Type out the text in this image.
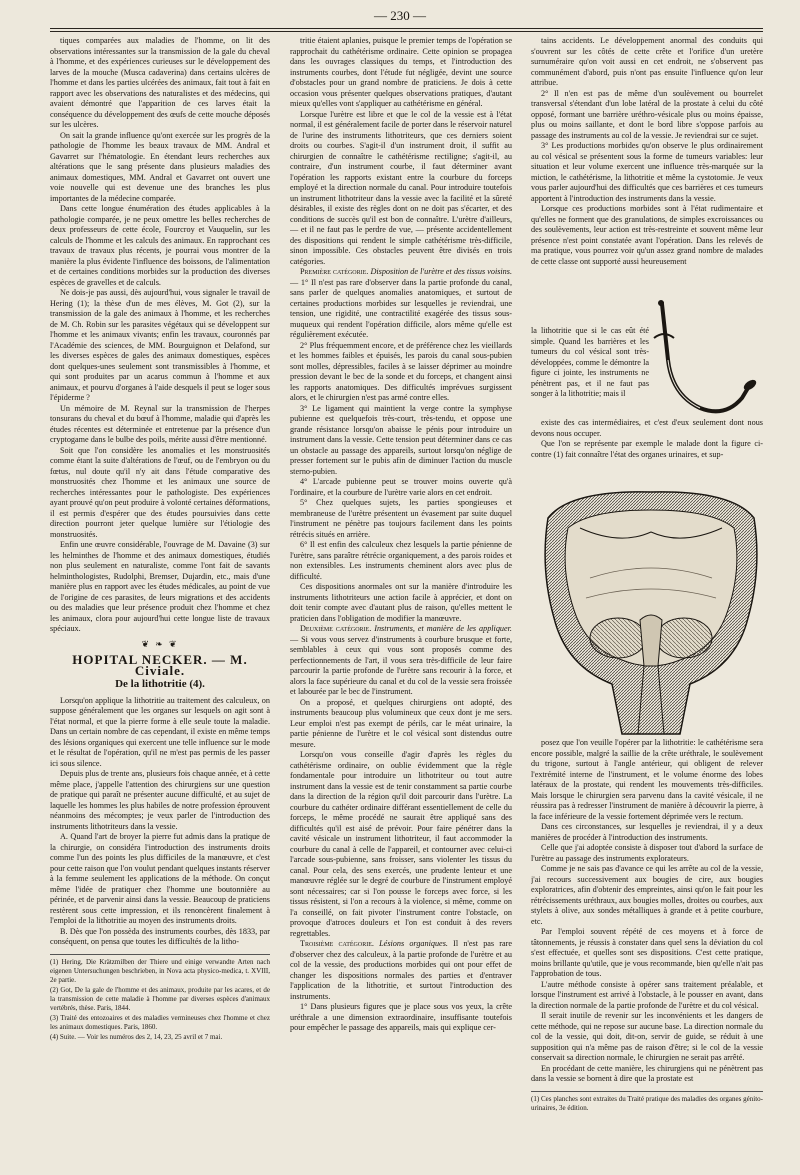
— 230 —

tiques comparées aux maladies de l'homme, on lit des observations intéressantes sur la transmission de la gale du cheval à l'homme, et des expériences curieuses sur le développement des larves de la mouche (Musca cadaverina) dans certains ulcères de l'homme et dans les parties ulcérées des animaux, fait tout à fait en rapport avec les observations des naturalistes et des médecins, qui avaient démontré que l'apparition de ces larves était la conséquence du développement des œufs de cette mouche déposés sur les ulcères.

On sait la grande influence qu'ont exercée sur les progrès de la pathologie de l'homme les beaux travaux de MM. Andral et Gavarret sur l'hématologie. En étendant leurs recherches aux altérations que le sang présente dans plusieurs maladies des animaux domestiques, MM. Andral et Gavarret ont ouvert une voie nouvelle qui est devenue une des branches les plus importantes de la médecine comparée.

Dans cette longue énumération des études applicables à la pathologie comparée, je ne peux omettre les belles recherches de deux professeurs de cette école, Fourcroy et Vauquelin, sur les calculs de l'homme et les calculs des animaux. En rapprochant ces travaux de travaux plus récents, je pourrai vous montrer de la manière la plus évidente l'influence des boissons, de l'alimentation et de certaines conditions morbides sur la production des diverses espèces de gravelles et de calculs.

Ne dois-je pas aussi, dès aujourd'hui, vous signaler le travail de Hering (1); la thèse d'un de mes élèves, M. Got (2), sur la transmission de la gale des animaux à l'homme, et les recherches de M. Ch. Robin sur les parasites végétaux qui se développent sur l'homme et les animaux vivants; enfin les travaux, couronnés par l'Académie des sciences, de MM. Bourguignon et Delafond, sur les diverses espèces de gales des animaux domestiques, espèces dont quelques-unes seulement sont transmissibles à l'homme, et qui sont produites par un acarus commun à l'homme et aux animaux, et pourvu d'organes à l'aide desquels il peut se loger sous l'épiderme ?

Un mémoire de M. Reynal sur la transmission de l'herpes tonsurans du cheval et du bœuf à l'homme, maladie qui d'après les études récentes est déterminée et entretenue par la présence d'un cryptogame dans le bulbe des poils, mérite aussi d'être mentionné.

Soit que l'on considère les anomalies et les monstruosités comme étant la suite d'altérations de l'œuf, ou de l'embryon ou du fœtus, nul doute qu'il n'y ait dans l'étude comparative des monstruosités chez l'homme et les animaux une source de recherches intéressantes pour le pathologiste. Des expériences ayant prouvé qu'on peut produire à volonté certaines déformations, il est permis d'espérer que des études poursuivies dans cette direction pourront jeter quelque lumière sur l'étiologie des monstruosités.

Enfin une œuvre considérable, l'ouvrage de M. Davaine (3) sur les helminthes de l'homme et des animaux domestiques, étudiés non plus seulement en naturaliste, comme l'ont fait de savants helminthologistes, Rudolphi, Bremser, Dujardin, etc., mais d'une manière plus en rapport avec les études médicales, au point de vue de l'origine de ces parasites, de leurs migrations et des accidents ou des maladies que leur présence produit chez l'homme et chez les animaux, clora pour aujourd'hui cette longue liste de travaux spéciaux.

❦ ❧ ❦
HOPITAL NECKER. — M. Civiale.
De la lithotritie (4).

Lorsqu'on applique la lithotritie au traitement des calculeux, on suppose généralement que les organes sur lesquels on agit sont à l'état normal, et que la pierre forme à elle seule toute la maladie. Dans un certain nombre de cas cependant, il existe en même temps des lésions organiques qui exercent une telle influence sur le mode et le résultat de l'opération, qu'il ne m'est pas permis de les passer ici sous silence.

Depuis plus de trente ans, plusieurs fois chaque année, et à cette même place, j'appelle l'attention des chirurgiens sur une question de pratique qui paraît ne présenter aucune difficulté, et au sujet de laquelle les hommes les plus habiles de notre profession éprouvent néanmoins des mécomptes; je veux parler de l'introduction des instruments lithotriteurs dans la vessie.

A. Quand l'art de broyer la pierre fut admis dans la pratique de la chirurgie, on considéra l'introduction des instruments droits comme l'un des points les plus difficiles de la manœuvre, et c'est pour cette raison que l'on voulut pendant quelques instants réserver à la femme seulement les applications de la méthode. On conçut même l'idée de pratiquer chez l'homme une boutonnière au périnée, et de parvenir ainsi dans la vessie. Beaucoup de praticiens restèrent sous cette impression, et ils renoncèrent finalement à l'emploi de la lithotritie au moyen des instruments droits.

B. Dès que l'on possèda des instruments courbes, dès 1833, par conséquent, on pensa que toutes les difficultés de la litho-

(1) Hering, Die Krätzmilben der Thiere und einige verwandte Arten nach eigenen Untersuchungen beschrieben, in Nova acta physico-medica, t. XVIII, 2e partie.
(2) Got, De la gale de l'homme et des animaux, produite par les acares, et de la transmission de cette maladie à l'homme par diverses espèces d'animaux vertébrés, thèse. Paris, 1844.
(3) Traité des entozoaires et des maladies vermineuses chez l'homme et chez les animaux domestiques. Paris, 1860.
(4) Suite. — Voir les numéros des 2, 14, 23, 25 avril et 7 mai.

tritie étaient aplanies, puisque le premier temps de l'opération se rapprochait du cathétérisme ordinaire. Cette opinion se propagea dans les ouvrages classiques du temps, et l'introduction des instruments courbes, dont l'étude fut négligée, devint une source d'obstacles pour un grand nombre de praticiens. Je dois à cette occasion vous présenter quelques observations pratiques, d'autant mieux qu'elles vont s'appliquer au cathétérisme en général.

Lorsque l'urètre est libre et que le col de la vessie est à l'état normal, il est généralement facile de porter dans le réservoir naturel de l'urine des instruments lithotriteurs, que ces derniers soient droits ou courbes. S'agit-il d'un instrument droit, il suffit au chirurgien de connaître le cathétérisme rectiligne; s'agit-il, au contraire, d'un instrument courbe, il faut déterminer avant l'opération les rapports existant entre la courbure du forceps employé et la direction normale du canal. Pour introduire toutefois un instrument lithotriteur dans la vessie avec la facilité et la sûreté désirables, il existe des règles dont on ne doit pas s'écarter, et des conditions de succès qu'il est bon de connaître. L'urètre d'ailleurs, — et il ne faut pas le perdre de vue, — présente accidentellement des dispositions qui rendent le simple cathétérisme très-difficile, sinon impossible. Ces obstacles peuvent être divisés en trois catégories.

Première catégorie. Disposition de l'urètre et des tissus voisins. — 1° Il n'est pas rare d'observer dans la partie profonde du canal, sans parler de quelques anomalies anatomiques, et surtout de certaines productions morbides sur lesquelles je reviendrai, une tension, une rigidité, une contractilité exagérée des tissus sous-muqueux qui rendent l'opération difficile, alors même qu'elle est régulièrement exécutée.

2° Plus fréquemment encore, et de préférence chez les vieillards et les hommes faibles et épuisés, les parois du canal sous-pubien sont molles, dépressibles, faciles à se laisser déprimer au moindre pression devant le bec de la sonde et du forceps, et changent ainsi les rapports anatomiques. Des difficultés imprévues surgissent alors, et le chirurgien n'est pas armé contre elles.

3° Le ligament qui maintient la verge contre la symphyse pubienne est quelquefois très-court, très-tendu, et oppose une grande résistance lorsqu'on abaisse le pénis pour introduire un instrument dans la vessie. Cette tension peut déterminer dans ce cas un obstacle au passage des appareils, surtout lorsqu'on néglige de presser fortement sur le pubis afin de diminuer l'action du muscle sterno-pubien.

4° L'arcade pubienne peut se trouver moins ouverte qu'à l'ordinaire, et la courbure de l'urètre varie alors en cet endroit.

5° Chez quelques sujets, les parties spongieuses et membraneuse de l'urètre présentent un évasement par suite duquel l'instrument ne pénètre pas toujours facilement dans les points rétrécis situés en arrière.

6° Il est enfin des calculeux chez lesquels la partie pénienne de l'urètre, sans paraître rétrécie organiquement, a des parois roides et non extensibles. Les instruments cheminent alors avec plus de difficulté.

Ces dispositions anormales ont sur la manière d'introduire les instruments lithotriteurs une action facile à apprécier, et dont on doit tenir compte avec d'autant plus de raison, qu'elles mettent le praticien dans l'obligation de modifier la manœuvre.

Deuxième catégorie. Instruments, et manière de les appliquer. — Si vous vous servez d'instruments à courbure brusque et forte, semblables à ceux qui vous sont proposés comme des perfectionnements de l'art, il vous sera très-difficile de leur faire parcourir la partie profonde de l'urètre sans recourir à la force, et alors la face supérieure du canal et du col de la vessie sera froissée et labourée par le bec de l'instrument.

On a proposé, et quelques chirurgiens ont adopté, des instruments beaucoup plus volumineux que ceux dont je me sers. Leur emploi n'est pas exempt de périls, car le méat urinaire, la partie pénienne de l'urètre et le col vésical sont distendus outre mesure.

Lorsqu'on vous conseille d'agir d'après les règles du cathétérisme ordinaire, on oublie évidemment que la règle fondamentale pour introduire un lithotriteur ou tout autre instrument dans la vessie est de tenir constamment sa partie courbe dans la direction de la région qu'il doit parcourir dans l'urètre. La courbure du cathéter ordinaire différant essentiellement de celle du forceps, le même procédé ne saurait être appliqué sans des difficultés qu'il est aisé de prévoir. Pour faire pénétrer dans la cavité vésicale un instrument lithotriteur, il faut accommoder la courbure du canal à celle de l'appareil, et contourner avec celui-ci l'arcade sous-pubienne, sans froisser, sans violenter les tissus du canal. Pour cela, des sens exercés, une prudente lenteur et une manœuvre réglée sur le degré de courbure de l'instrument employé sont nécessaires; car si l'on pousse le forceps avec force, si les tissus résistent, si l'on a recours à la violence, si même, comme on l'a conseillé, on fait pivoter l'instrument contre l'obstacle, on provoque d'atroces douleurs et l'on est conduit à des revers regrettables.

Troisième catégorie. Lésions organiques. Il n'est pas rare d'observer chez des calculeux, à la partie profonde de l'urètre et au col de la vessie, des productions morbides qui ont pour effet de changer les dispositions normales des parties et d'entraver l'application de la lithotritie, et surtout l'introduction des instruments.

1° Dans plusieurs figures que je place sous vos yeux, la crête uréthrale a une dimension extraordinaire, insuffisante toutefois pour empêcher le passage des appareils, mais qui explique cer-

tains accidents. Le développement anormal des conduits qui s'ouvrent sur les côtés de cette crête et l'orifice d'un uretère surnuméraire qu'on voit aussi en cet endroit, ne s'observent pas communément d'abord, puis n'ont pas ensuite l'influence qu'on leur attribue.

2° Il n'en est pas de même d'un soulèvement ou bourrelet transversal s'étendant d'un lobe latéral de la prostate à celui du côté opposé, formant une barrière uréthro-vésicale plus ou moins épaisse, plus ou moins saillante, et dont le bord libre s'oppose parfois au passage des instruments au col de la vessie. Je reviendrai sur ce sujet.

3° Les productions morbides qu'on observe le plus ordinairement au col vésical se présentent sous la forme de tumeurs variables: leur situation et leur volume exercent une influence très-marquée sur la miction, le cathétérisme, la lithotritie et même la cystotomie. Je veux vous parler aujourd'hui des difficultés que ces barrières et ces tumeurs apportent à l'introduction des instruments dans la vessie.

Lorsque ces productions morbides sont à l'état rudimentaire et qu'elles ne forment que des granulations, de simples excroissances ou des soulèvements, leur action est très-restreinte et souvent même leur présence n'est point constatée avant l'opération. Dans les relevés de ma pratique, vous pourrez voir qu'un assez grand nombre de malades de cette classe ont supporté aussi heureusement

la lithotritie que si le cas eût été simple. Quand les barrières et les tumeurs du col vésical sont très-développées, comme le démontre la figure ci jointe, les instruments ne pénètrent pas, et il ne faut pas songer à la lithotritie; mais il

existe des cas intermédiaires, et c'est d'eux seulement dont nous devons nous occuper.

Que l'on se représente par exemple le malade dont la figure ci-contre (1) fait connaître l'état des organes urinaires, et sup-

posez que l'on veuille l'opérer par la lithotritie: le cathétérisme sera encore possible, malgré la saillie de la crête uréthrale, le soulèvement du trigone, surtout à l'angle antérieur, qui obligent de relever l'extrémité interne de l'instrument, et le volume énorme des lobes latéraux de la prostate, qui rendent les mouvements très-difficiles. Mais lorsque le chirurgien sera parvenu dans la cavité vésicale, il ne réussira pas à redresser l'instrument de manière à découvrir la pierre, à la face inférieure de la vessie fortement déprimée vers le rectum.

Dans ces circonstances, sur lesquelles je reviendrai, il y a deux manières de procéder à l'introduction des instruments.

Celle que j'ai adoptée consiste à disposer tout d'abord la surface de l'urètre au passage des instruments explorateurs.

Comme je ne sais pas d'avance ce qui les arrête au col de la vessie, j'ai recours successivement aux bougies de cire, aux bougies exploratrices, afin d'obtenir des empreintes, ainsi qu'on le fait pour les rétrécissements uréthraux, aux bougies molles, droites ou courbes, aux stylets à olive, aux sondes métalliques à grande et à petite courbure, etc.

Par l'emploi souvent répété de ces moyens et à force de tâtonnements, je réussis à constater dans quel sens la déviation du col s'est effectuée, et quelles sont ses dispositions. C'est cette pratique, moins brillante qu'utile, que je vous recommande, bien qu'elle n'ait pas l'approbation de tous.

L'autre méthode consiste à opérer sans traitement préalable, et lorsque l'instrument est arrivé à l'obstacle, à le pousser en avant, dans la direction normale de la partie profonde de l'urètre et du col vésical.

Il serait inutile de revenir sur les inconvénients et les dangers de cette méthode, qui ne repose sur aucune base. La direction normale du col de la vessie, qui doit, dit-on, servir de guide, se réduit à une supposition qui n'a même pas de raison d'être; si le col de la vessie conservait sa direction normale, le chirurgien ne serait pas arrêté.

En procédant de cette manière, les chirurgiens qui ne pénètrent pas dans la vessie se bornent à dire que la prostate est

(1) Ces planches sont extraites du Traité pratique des maladies des organes génito-urinaires, 3e édition.
